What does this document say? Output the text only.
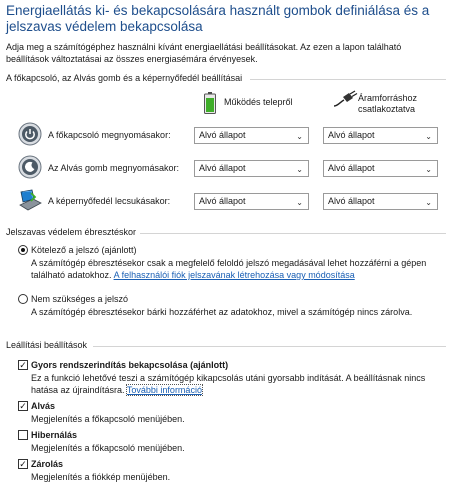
Energiaellátás ki- és bekapcsolására használt gombok definiálása és a jelszavas védelem bekapcsolása
Adja meg a számítógéphez használni kívánt energiaellátási beállításokat. Az ezen a lapon található beállítások változtatásai az összes energiasémára érvényesek.
A főkapcsoló, az Alvás gomb és a képernyőfedél beállításai
Működés telepről	Áramforráshoz
csatlakoztatva
A főkapcsoló megnyomásakor:	Alvó állapot	⌄	Alvó állapot	⌄
Az Alvás gomb megnyomásakor:	Alvó állapot	⌄	Alvó állapot	⌄
A képernyőfedél lecsukásakor:	Alvó állapot	⌄	Alvó állapot	⌄
Jelszavas védelem ébresztéskor
Kötelező a jelszó (ajánlott)
A számítógép ébresztésekor csak a megfelelő feloldó jelszó megadásával lehet hozzáférni a gépen található adatokhoz. A felhasználói fiók jelszavának létrehozása vagy módosítása
Nem szükséges a jelszó
A számítógép ébresztésekor bárki hozzáférhet az adatokhoz, mivel a számítógép nincs zárolva.
Leállítási beállítások
✓ Gyors rendszerindítás bekapcsolása (ajánlott)
Ez a funkció lehetővé teszi a számítógép kikapcsolás utáni gyorsabb indítását. A beállításnak nincs
hatása az újraindításra. További információ
✓ Alvás
Megjelenítés a főkapcsoló menüjében.
Hibernálás
Megjelenítés a főkapcsoló menüjében.
✓ Zárolás
Megjelenítés a fiókkép menüjében.
